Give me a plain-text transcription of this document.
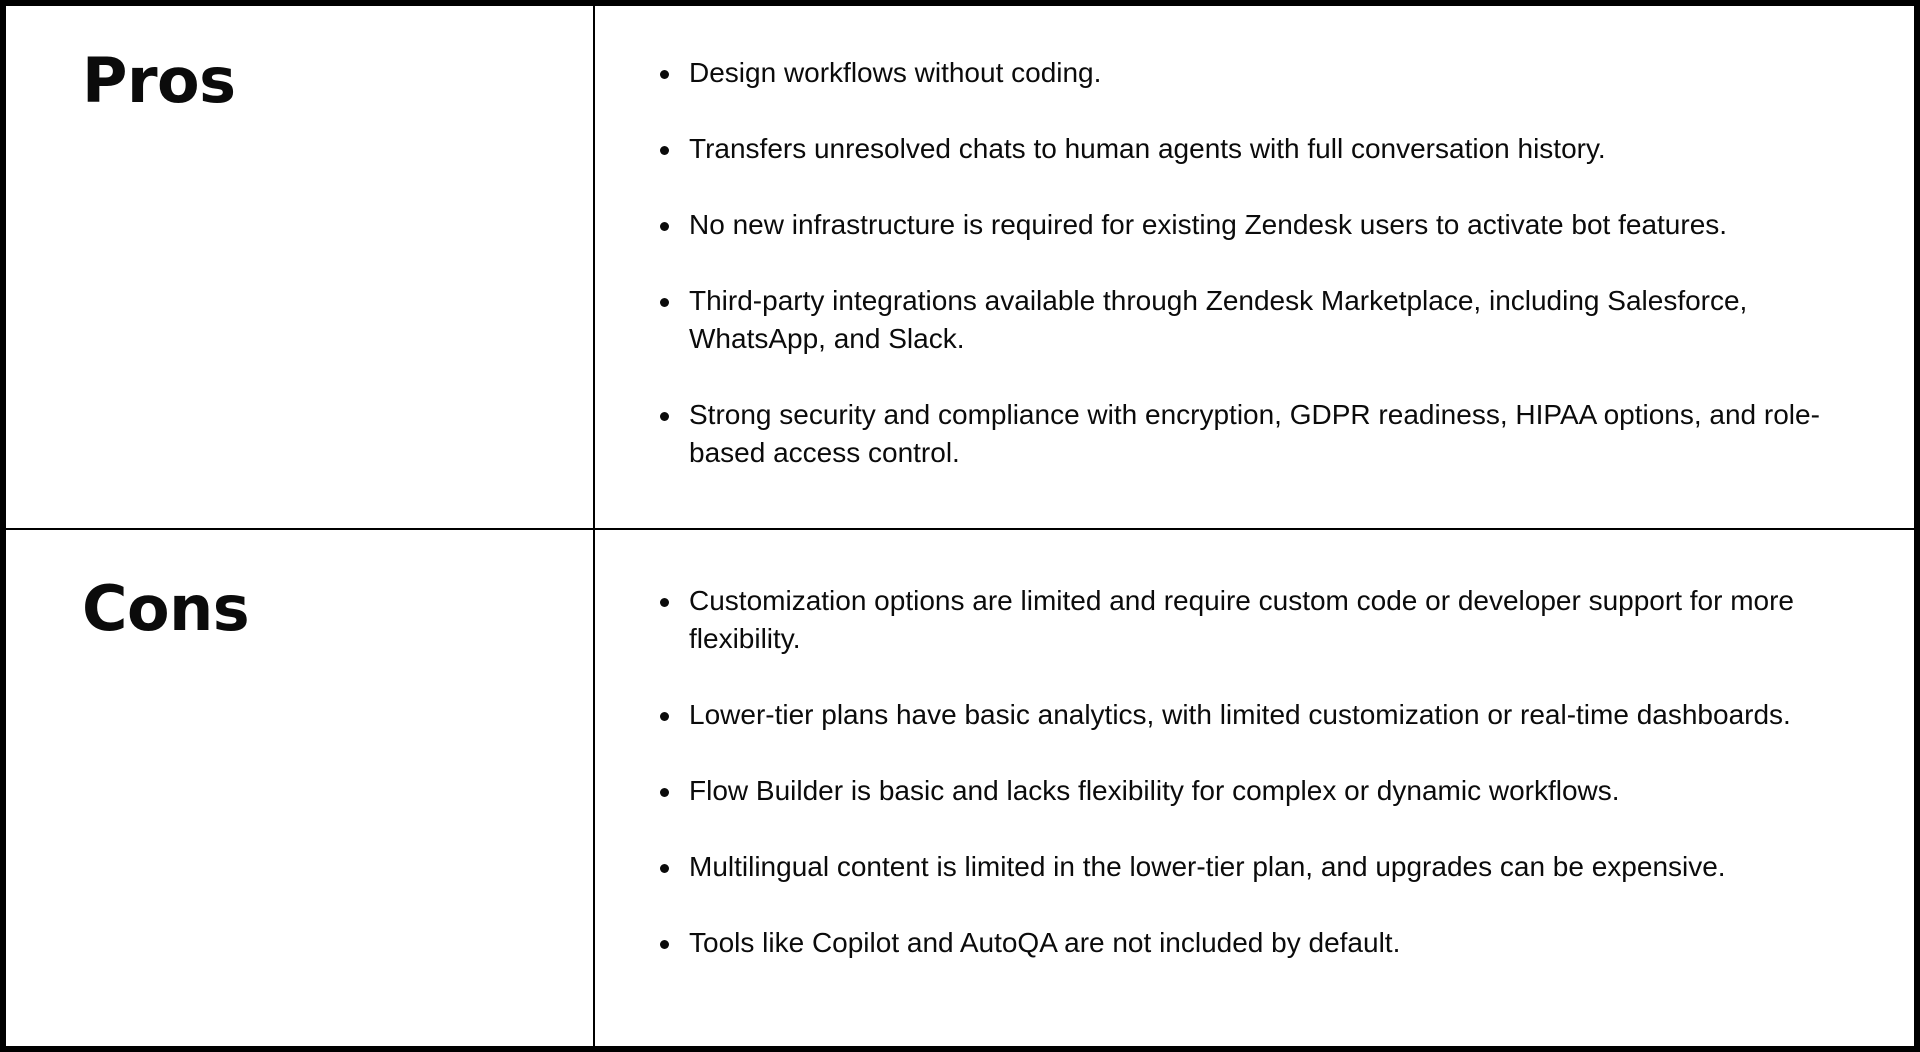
Pros	Design workflows without coding.
Transfers unresolved chats to human agents with full conversation history.
No new infrastructure is required for existing Zendesk users to activate bot features.
Third-party integrations available through Zendesk Marketplace, including Salesforce, WhatsApp, and Slack.
Strong security and compliance with encryption, GDPR readiness, HIPAA options, and role-based access control.
Cons	Customization options are limited and require custom code or developer support for more flexibility.
Lower-tier plans have basic analytics, with limited customization or real-time dashboards.
Flow Builder is basic and lacks flexibility for complex or dynamic workflows.
Multilingual content is limited in the lower-tier plan, and upgrades can be expensive.
Tools like Copilot and AutoQA are not included by default.
